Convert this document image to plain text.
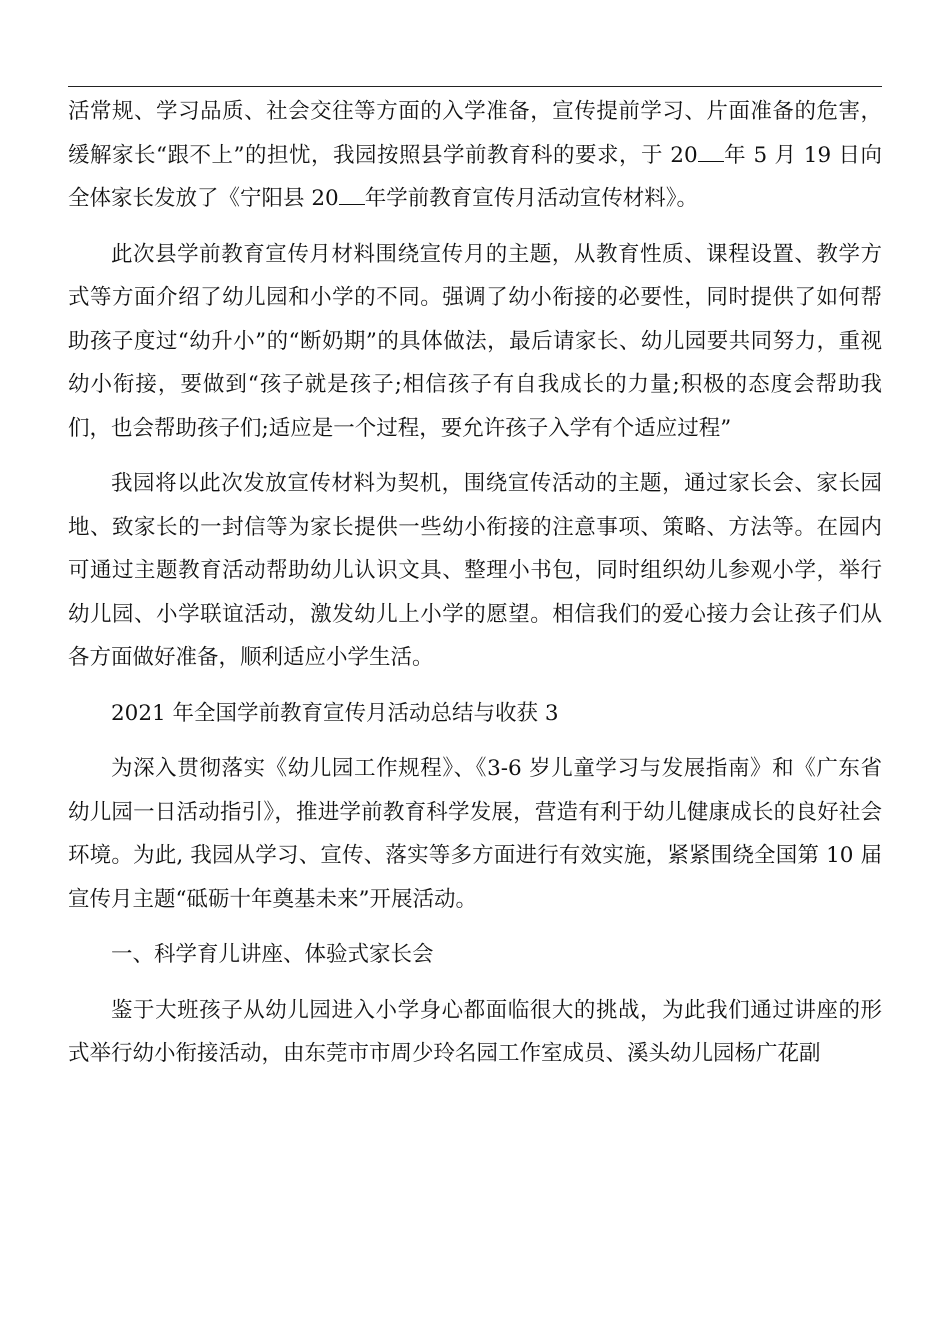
活常规、学习品质、社会交往等方面的入学准备，宣传提前学习、片面准备的危害，缓解家长“跟不上”的担忧，我园按照县学前教育科的要求，于 20 年 5 月 19 日向全体家长发放了《宁阳县 20 年学前教育宣传月活动宣传材料》。

此次县学前教育宣传月材料围绕宣传月的主题，从教育性质、课程设置、教学方式等方面介绍了幼儿园和小学的不同。强调了幼小衔接的必要性，同时提供了如何帮助孩子度过“幼升小”的“断奶期”的具体做法，最后请家长、幼儿园要共同努力，重视幼小衔接，要做到“孩子就是孩子;相信孩子有自我成长的力量;积极的态度会帮助我们，也会帮助孩子们;适应是一个过程，要允许孩子入学有个适应过程”

我园将以此次发放宣传材料为契机，围绕宣传活动的主题，通过家长会、家长园地、致家长的一封信等为家长提供一些幼小衔接的注意事项、策略、方法等。在园内可通过主题教育活动帮助幼儿认识文具、整理小书包，同时组织幼儿参观小学，举行幼儿园、小学联谊活动，激发幼儿上小学的愿望。相信我们的爱心接力会让孩子们从各方面做好准备，顺利适应小学生活。

2021 年全国学前教育宣传月活动总结与收获 3

为深入贯彻落实《幼儿园工作规程》、《3-6 岁儿童学习与发展指南》和《广东省幼儿园一日活动指引》，推进学前教育科学发展，营造有利于幼儿健康成长的良好社会环境。为此, 我园从学习、宣传、落实等多方面进行有效实施，紧紧围绕全国第 10 届宣传月主题“砥砺十年奠基未来”开展活动。

一、科学育儿讲座、体验式家长会

鉴于大班孩子从幼儿园进入小学身心都面临很大的挑战，为此我们通过讲座的形式举行幼小衔接活动，由东莞市市周少玲名园工作室成员、溪头幼儿园杨广花副
